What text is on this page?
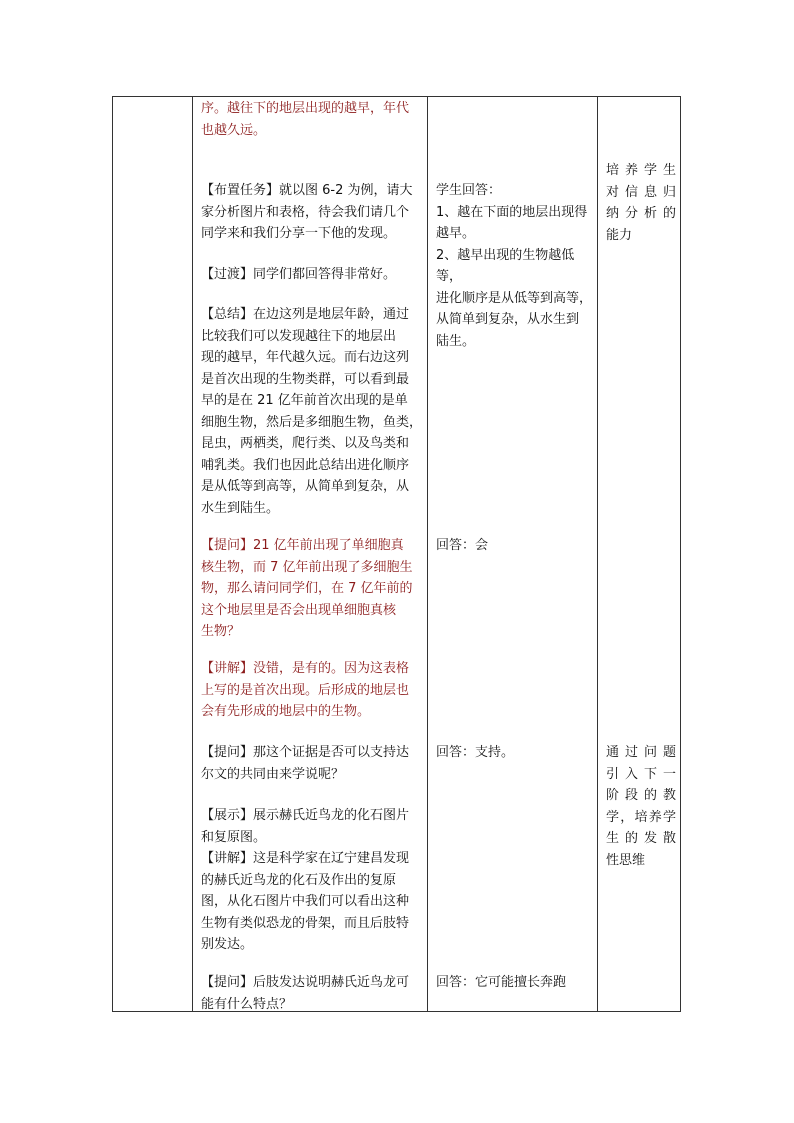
序。越往下的地层出现的越早，年代
也越久远。
【布置任务】就以图 6-2 为例，请大
家分析图片和表格，待会我们请几个
同学来和我们分享一下他的发现。
【过渡】同学们都回答得非常好。
【总结】在边这列是地层年龄，通过
比较我们可以发现越往下的地层出
现的越早，年代越久远。而右边这列
是首次出现的生物类群，可以看到最
早的是在 21 亿年前首次出现的是单
细胞生物，然后是多细胞生物，鱼类，
昆虫，两栖类，爬行类、以及鸟类和
哺乳类。我们也因此总结出进化顺序
是从低等到高等，从简单到复杂，从
水生到陆生。
【提问】21 亿年前出现了单细胞真
核生物，而 7 亿年前出现了多细胞生
物，那么请问同学们，在 7 亿年前的
这个地层里是否会出现单细胞真核
生物？
【讲解】没错，是有的。因为这表格
上写的是首次出现。后形成的地层也
会有先形成的地层中的生物。
【提问】那这个证据是否可以支持达
尔文的共同由来学说呢？
【展示】展示赫氏近鸟龙的化石图片
和复原图。
【讲解】这是科学家在辽宁建昌发现
的赫氏近鸟龙的化石及作出的复原
图，从化石图片中我们可以看出这种
生物有类似恐龙的骨架，而且后肢特
别发达。
【提问】后肢发达说明赫氏近鸟龙可
能有什么特点？
学生回答：
1、越在下面的地层出现得
越早。
2、越早出现的生物越低等，
进化顺序是从低等到高等，
从简单到复杂，从水生到
陆生。
回答：会
回答：支持。
回答：它可能擅长奔跑
培养学生
对信息归
纳分析的
能力
通过问题
引入下一
阶段的教
学，培养学
生的发散
性思维
